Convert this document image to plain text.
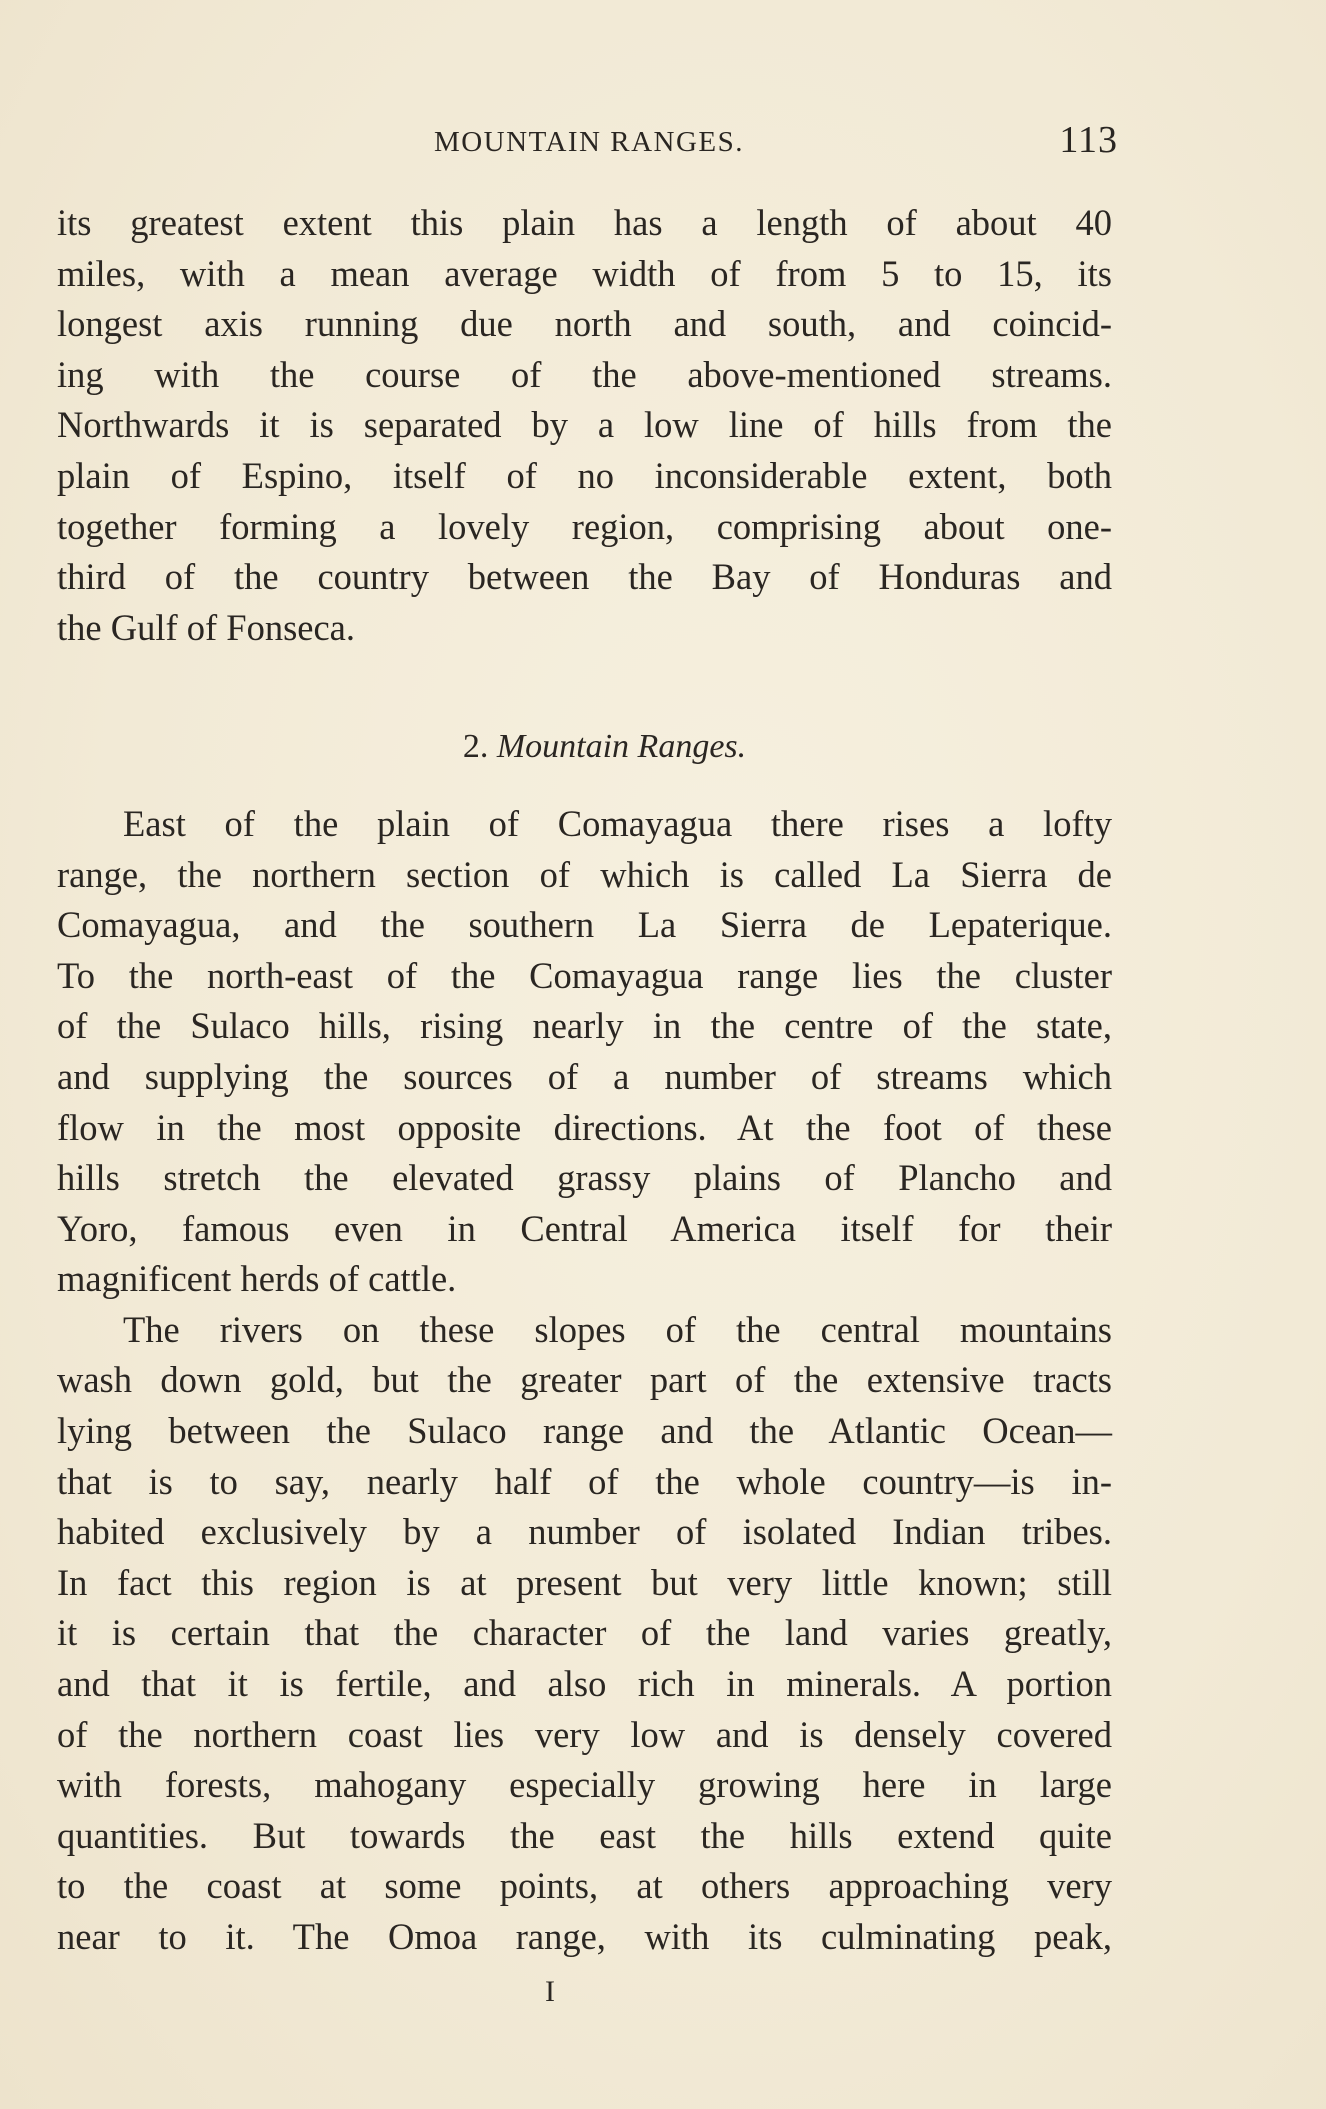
MOUNTAIN RANGES.	113
its greatest extent this plain has a length of about 40
miles, with a mean average width of from 5 to 15, its
longest axis running due north and south, and coincid-
ing with the course of the above-mentioned streams.
Northwards it is separated by a low line of hills from the
plain of Espino, itself of no inconsiderable extent, both
together forming a lovely region, comprising about one-
third of the country between the Bay of Honduras and
the Gulf of Fonseca.
2. Mountain Ranges.
East of the plain of Comayagua there rises a lofty
range, the northern section of which is called La Sierra de
Comayagua, and the southern La Sierra de Lepaterique.
To the north-east of the Comayagua range lies the cluster
of the Sulaco hills, rising nearly in the centre of the state,
and supplying the sources of a number of streams which
flow in the most opposite directions. At the foot of these
hills stretch the elevated grassy plains of Plancho and
Yoro, famous even in Central America itself for their
magnificent herds of cattle.
The rivers on these slopes of the central mountains
wash down gold, but the greater part of the extensive tracts
lying between the Sulaco range and the Atlantic Ocean—
that is to say, nearly half of the whole country—is in-
habited exclusively by a number of isolated Indian tribes.
In fact this region is at present but very little known; still
it is certain that the character of the land varies greatly,
and that it is fertile, and also rich in minerals. A portion
of the northern coast lies very low and is densely covered
with forests, mahogany especially growing here in large
quantities. But towards the east the hills extend quite
to the coast at some points, at others approaching very
near to it. The Omoa range, with its culminating peak,
I
